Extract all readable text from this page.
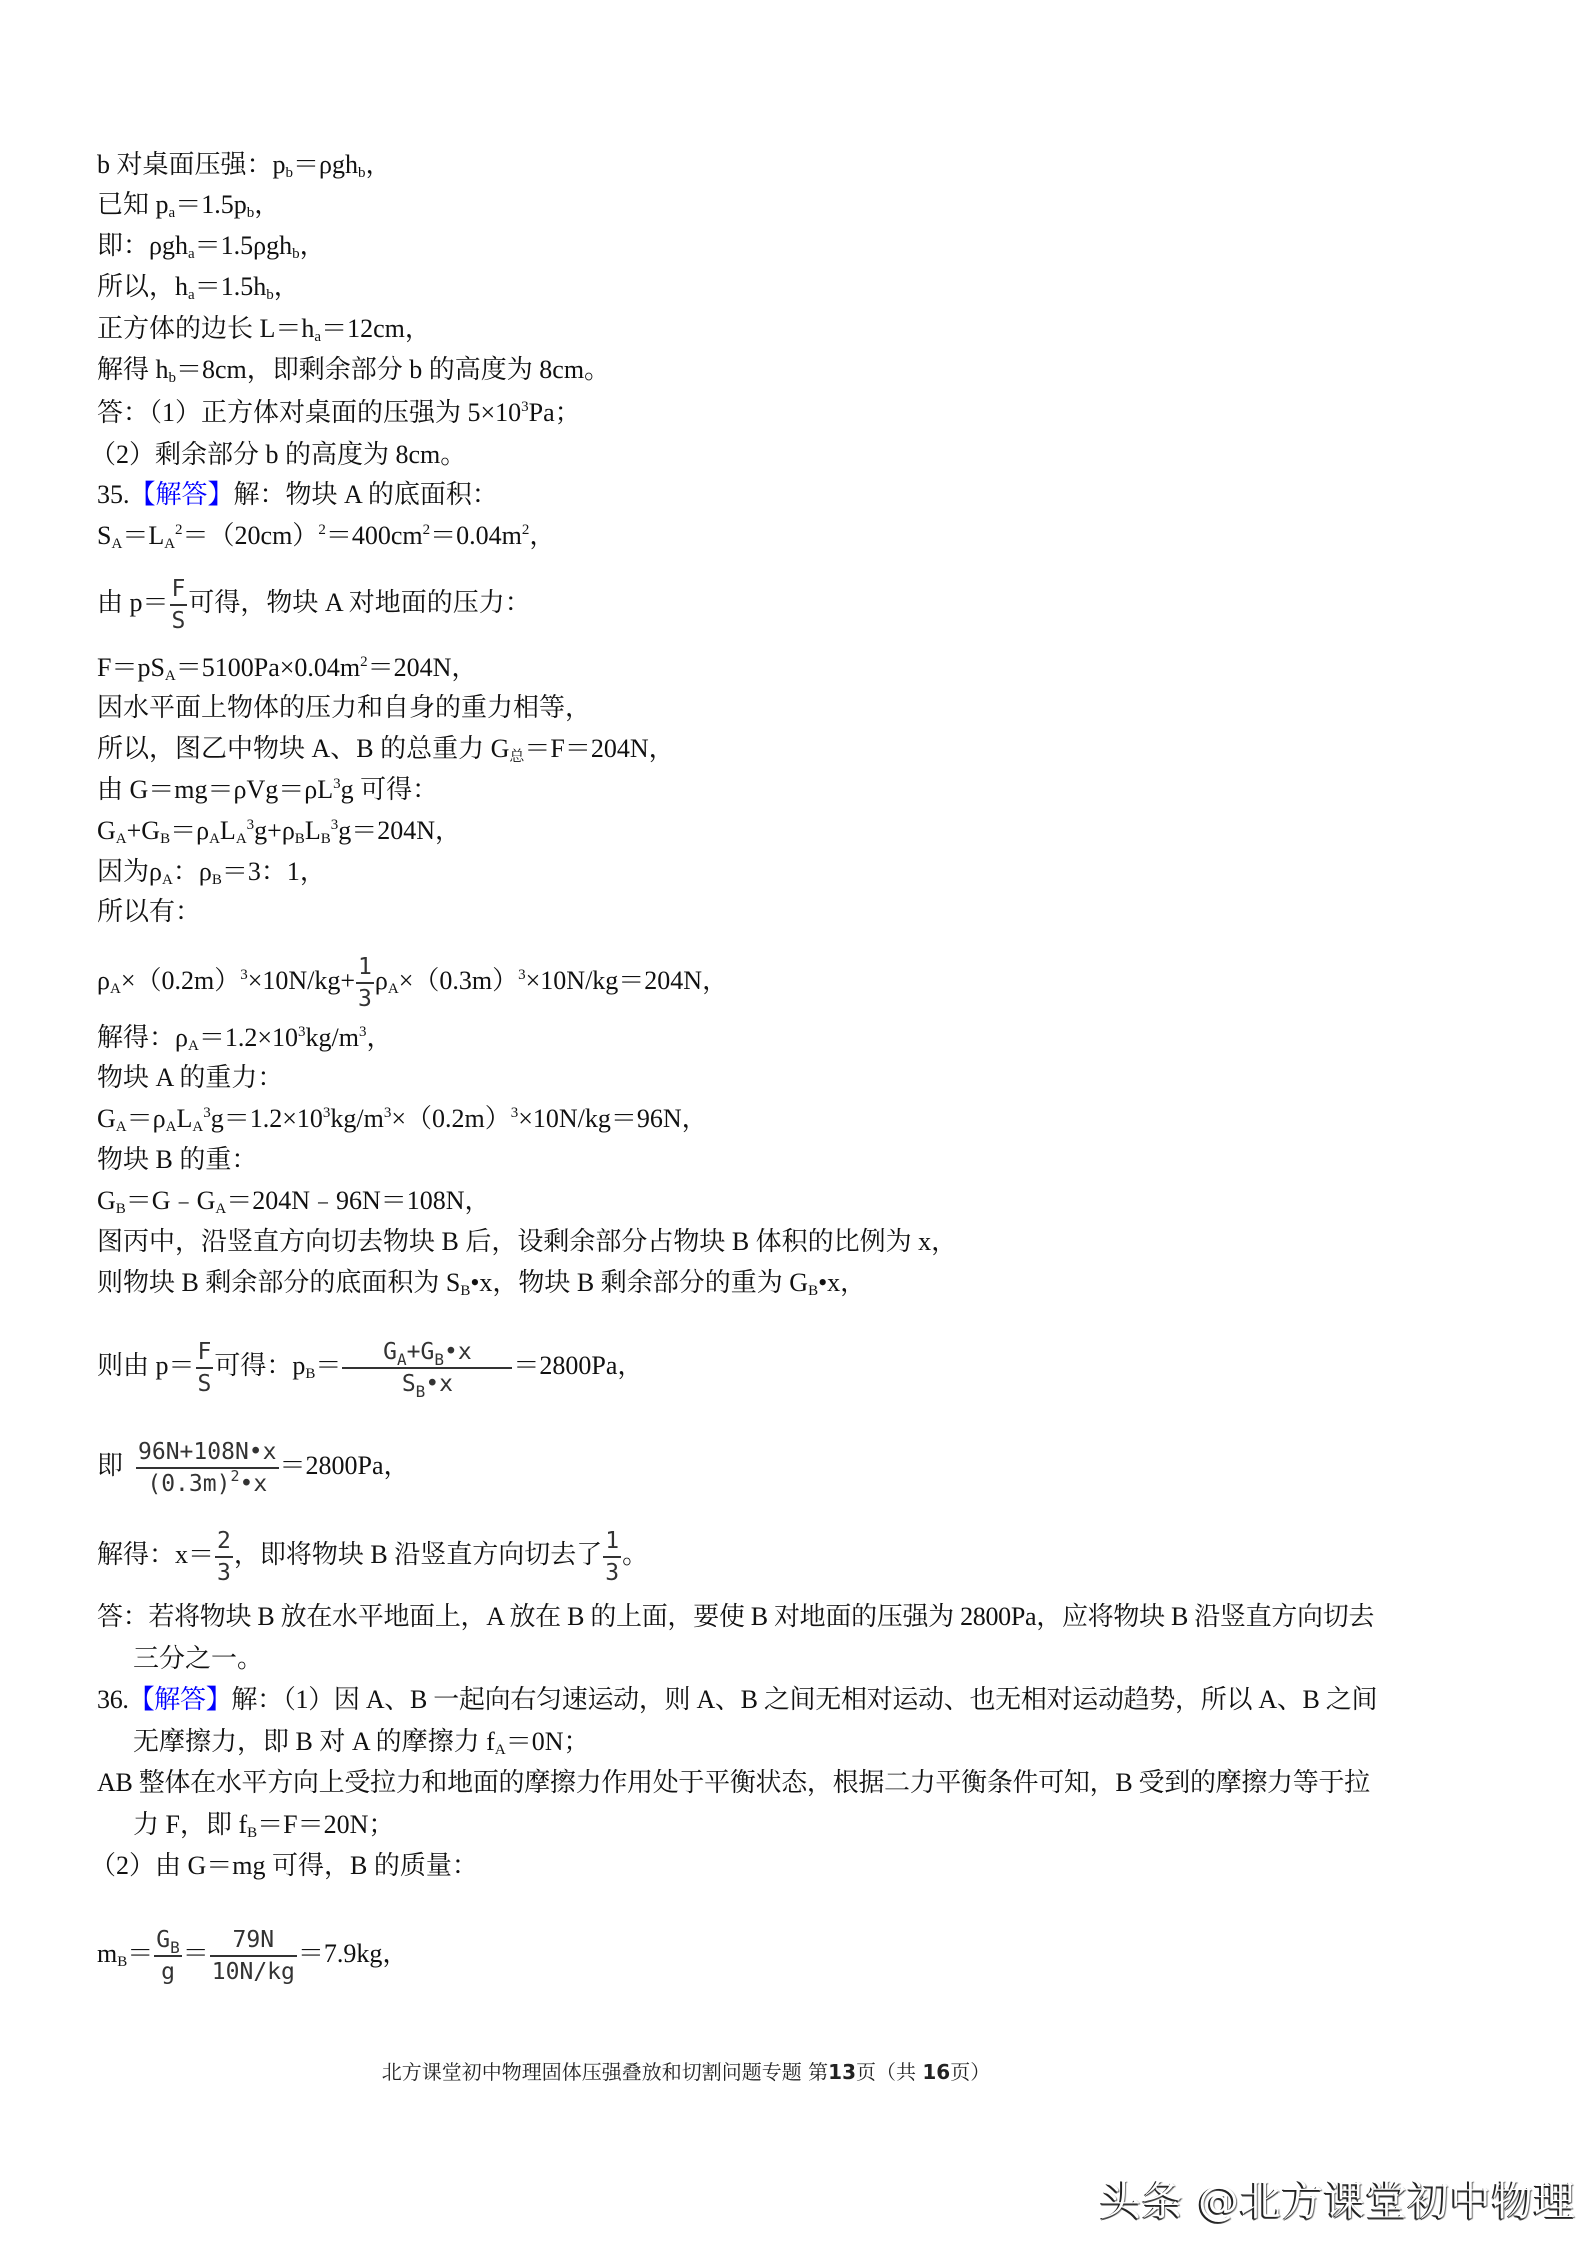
b 对桌面压强：$p_b=\rho gh_b$，
已知 $p_a=1.5p_b$，
即：ρgh$_a$＝1.5ρgh$_b$，
所以，$h_a=1.5h_b$，
正方体的边长 $L=h_a=12cm$，
解得 $h_b=8cm$，即剩余部分 b 的高度为 8cm。
答：（1）正方体对桌面的压强为 $5\times 10^3Pa$；
（2）剩余部分 b 的高度为 8cm。
35.【解答】解：物块 A 的底面积：
$S_A=L_A^2=(20cm)^2=400cm^2=0.04m^2$，
由 $p= \frac{F}{S}$ 可得，物块 A 对地面的压力：
$F=pS_A=5100Pa\times 0.04m^2=204N$，
因水平面上物体的压力和自身的重力相等，
所以，图乙中物块 A、B 的总重力 $G_总=F=204N$，
由 $G=mg=\rho Vg=\rho L^3g$ 可得：
$G_A+G_B=\rho_AL_A^3g+\rho_BL_B^3g=204N$，
因为$\rho_A$：$\rho_B=3$：1，
所以有：
$\rho_A\times(0.2m)^3\times 10N/kg+ \frac{1}{3} \rho_A\times(0.3m)^3\times 10N/kg=204N$，
解得：$\rho_A=1.2\times 10^3kg/m^3$，
物块 A 的重力：
$G_A=\rho_AL_A^3g=1.2\times 10^3kg/m^3\times(0.2m)^3\times 10N/kg=96N$，
物块 B 的重：
$G_B=G﹣G_A=204N﹣96N=108N$，
图丙中，沿竖直方向切去物块 B 后，设剩余部分占物块 B 体积的比例为 x，
则物块 B 剩余部分的底面积为 $S_B•x$，物块 B 剩余部分的重为 $G_B•x$，
则由 $p= \frac{F}{S}$ 可得：$p_B= \frac{G_A+G_B•x}{S_B•x} =2800Pa$，
即 $\frac{96N+108N•x}{(0.3m)^2•x} =2800Pa$，
解得：$x= \frac{2}{3}$ ，即将物块 B 沿竖直方向切去了 $\frac{1}{3}$ 。
答：若将物块 B 放在水平地面上，A 放在 B 的上面，要使 B 对地面的压强为 2800Pa，应将物块 B 沿竖直方向切去
三分之一。
36.【解答】解：（1）因 A、B 一起向右匀速运动，则 A、B 之间无相对运动、也无相对运动趋势，所以 A、B 之间
无摩擦力，即 B 对 A 的摩擦力 $f_A=0N$；
AB 整体在水平方向上受拉力和地面的摩擦力作用处于平衡状态，根据二力平衡条件可知，B 受到的摩擦力等于拉
力 F，即 $f_B=F=20N$；
（2）由 G＝mg 可得，B 的质量：
$m_B= \frac{G_B}{g} = \frac{79N}{10N/kg} =7.9kg$，
北方课堂初中物理固体压强叠放和切割问题专题 第13页（共 16页）
头条 @北方课堂初中物理
